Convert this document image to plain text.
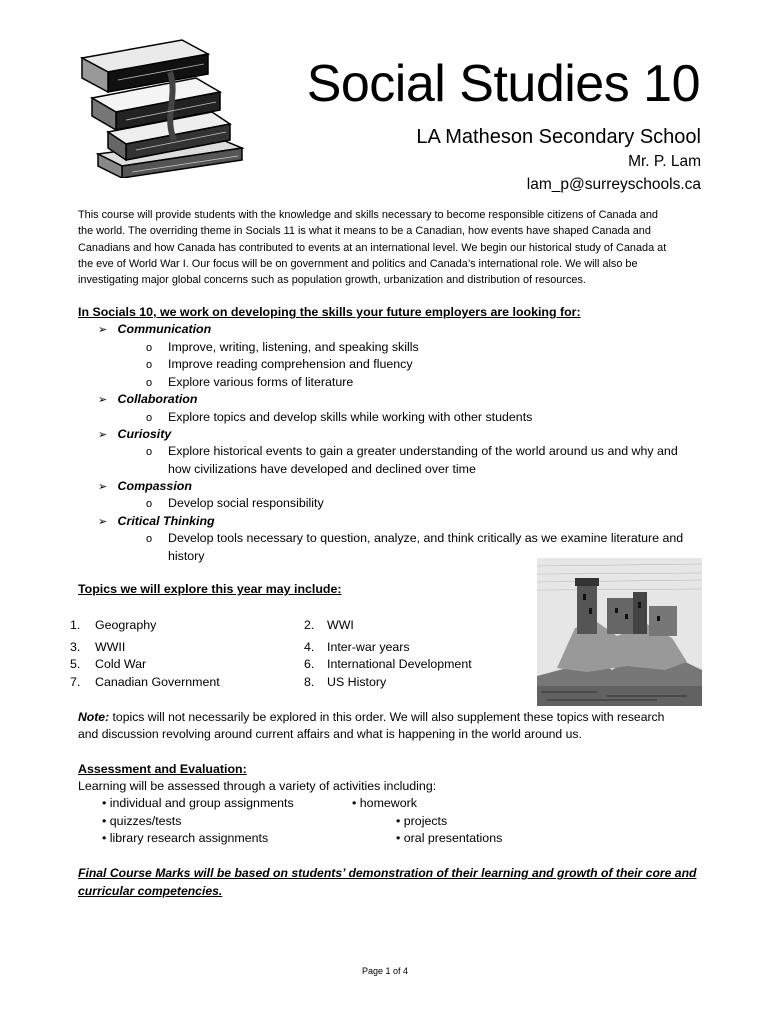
Social Studies 10
LA Matheson Secondary School
Mr. P. Lam
lam_p@surreyschools.ca
This course will provide students with the knowledge and skills necessary to become responsible citizens of Canada and
the world. The overriding theme in Socials 11 is what it means to be a Canadian, how events have shaped Canada and
Canadians and how Canada has contributed to events at an international level. We begin our historical study of Canada at
the eve of World War I. Our focus will be on government and politics and Canada’s international role. We will also be
investigating major global concerns such as population growth, urbanization and distribution of resources.
In Socials 10, we work on developing the skills your future employers are looking for:
➢ Communication
o Improve, writing, listening, and speaking skills
o Improve reading comprehension and fluency
o Explore various forms of literature
➢ Collaboration
o Explore topics and develop skills while working with other students
➢ Curiosity
o Explore historical events to gain a greater understanding of the world around us and why and
how civilizations have developed and declined over time
➢ Compassion
o Develop social responsibility
➢ Critical Thinking
o Develop tools necessary to question, analyze, and think critically as we examine literature and
history
Topics we will explore this year may include:
1. Geography	2. WWI
3. WWII	4. Inter-war years
5. Cold War	6. International Development
7. Canadian Government	8. US History
Note: topics will not necessarily be explored in this order. We will also supplement these topics with research
and discussion revolving around current affairs and what is happening in the world around us.
Assessment and Evaluation:
Learning will be assessed through a variety of activities including:
• individual and group assignments	• homework
• quizzes/tests	• projects
• library research assignments	• oral presentations
Final Course Marks will be based on students’ demonstration of their learning and growth of their core and
curricular competencies.
Page 1 of 4
